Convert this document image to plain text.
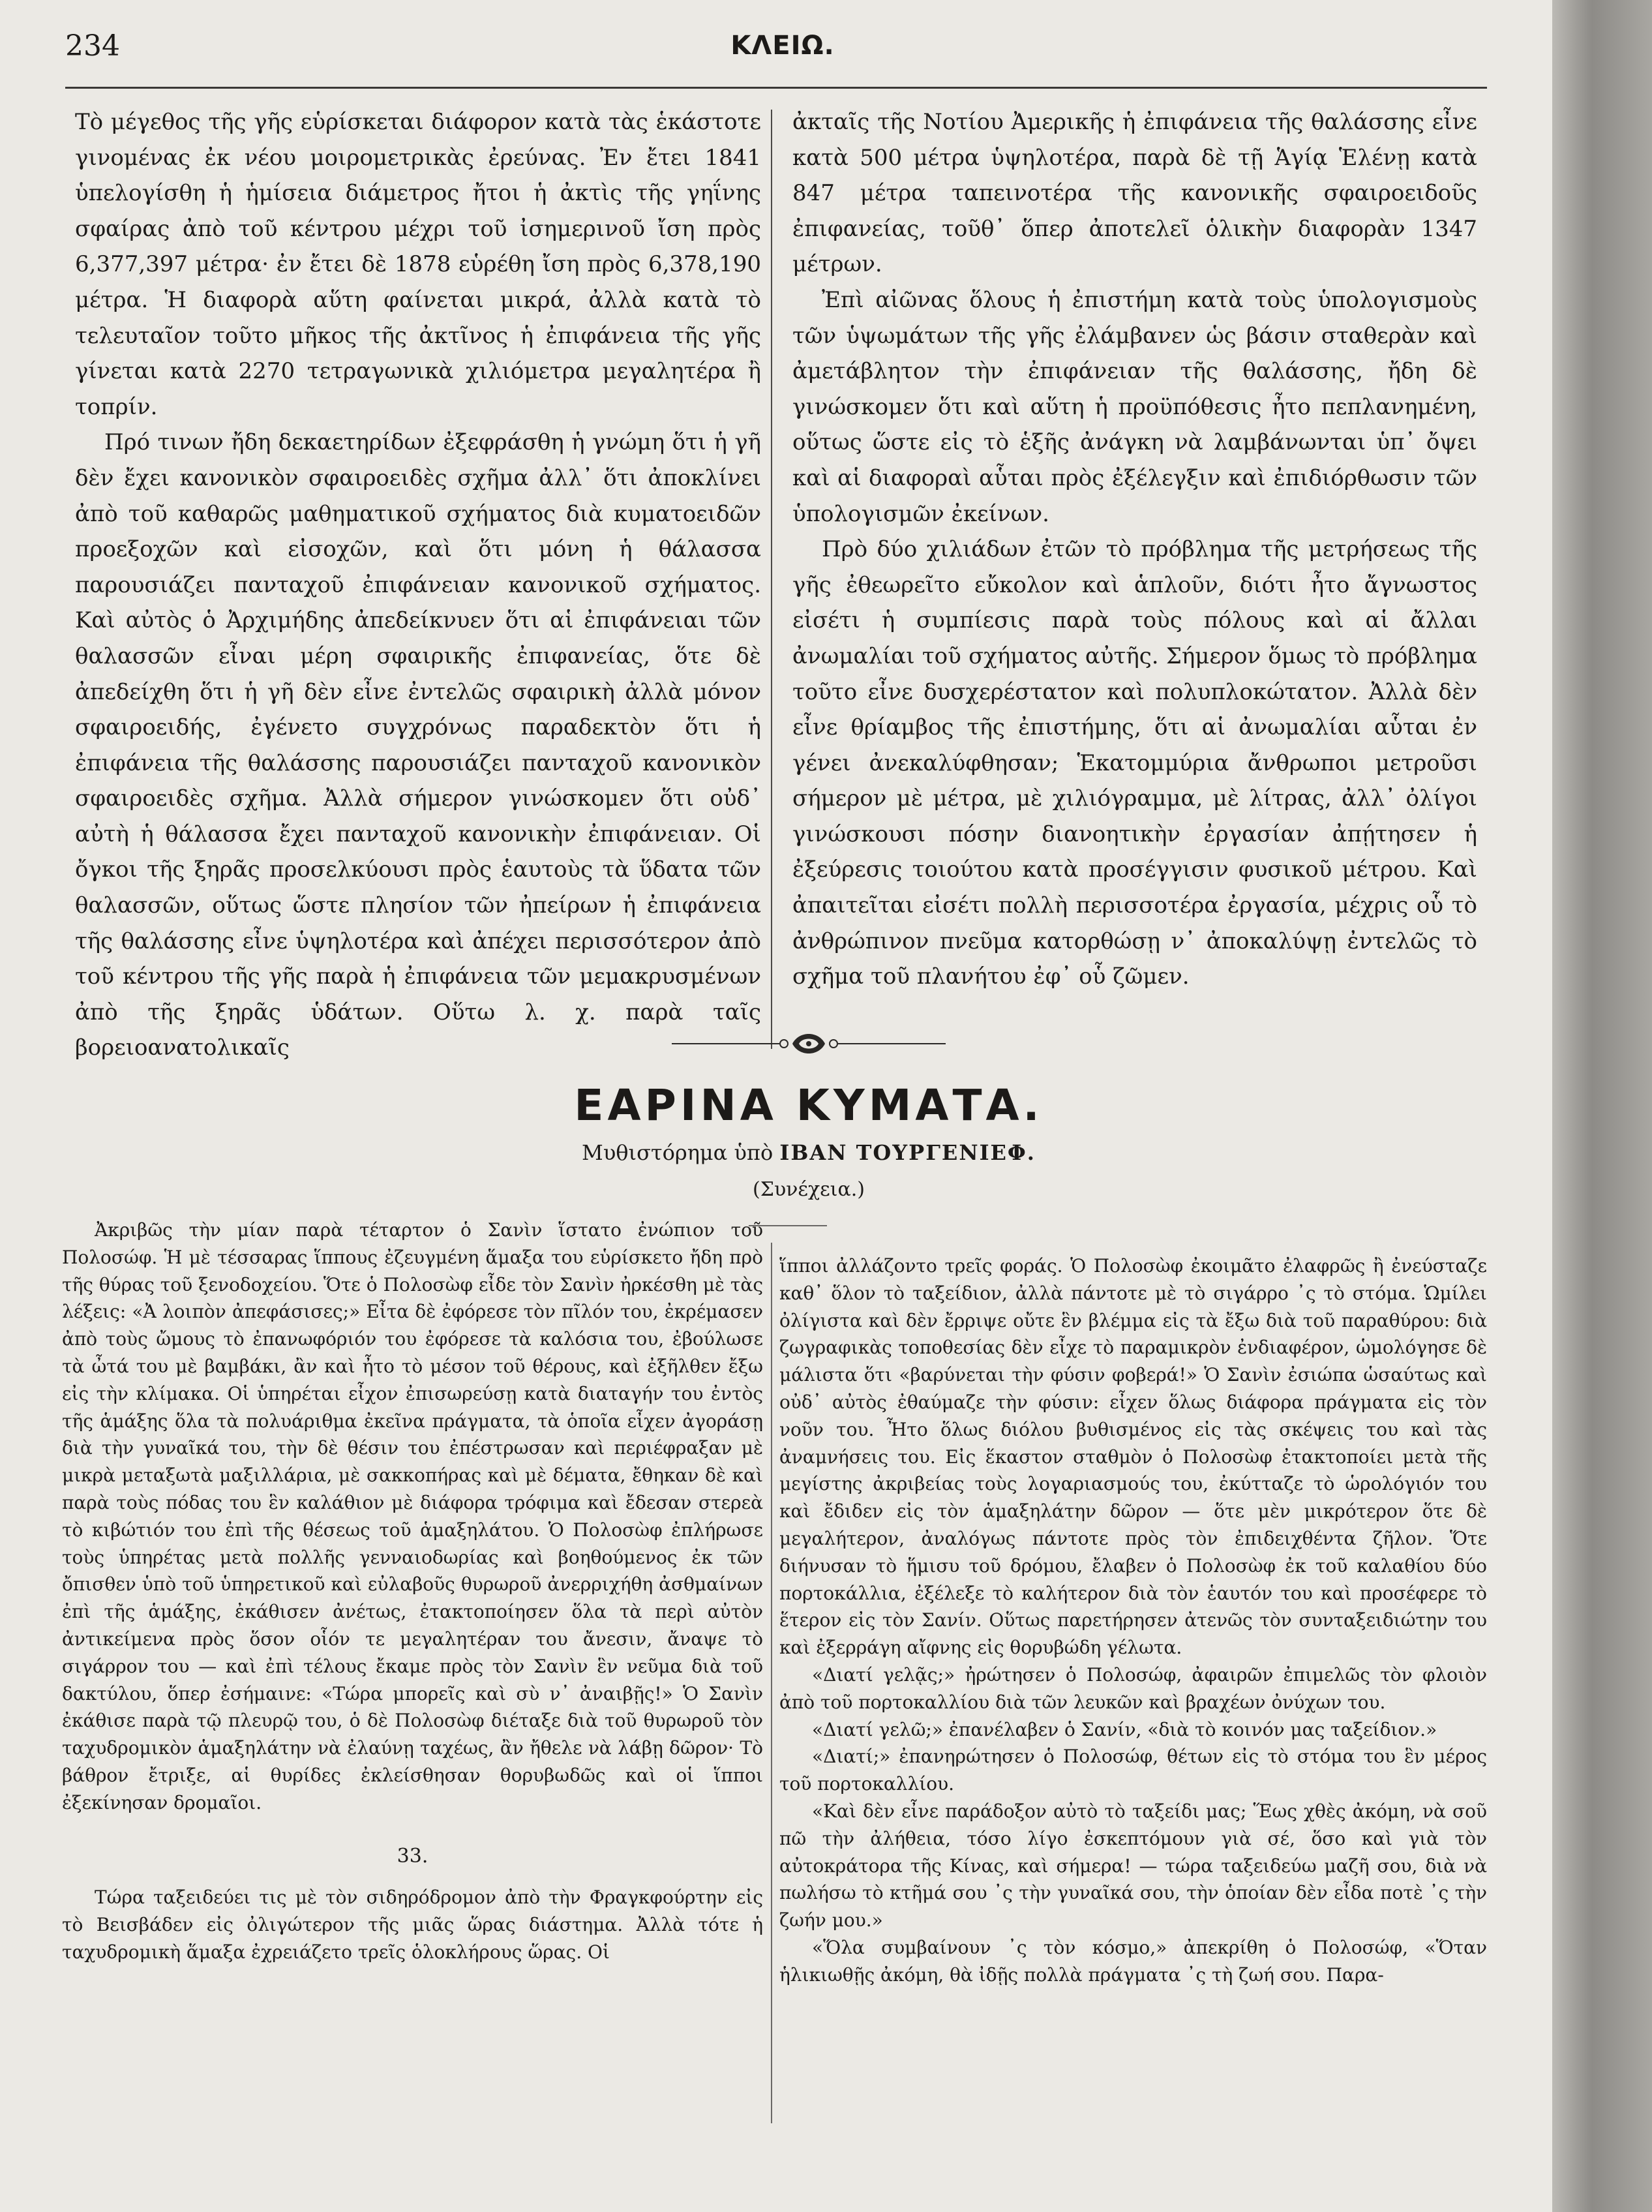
234	ΚΛΕΙΩ.

Τὸ μέγεθος τῆς γῆς εὑρίσκεται διάφορον κατὰ τὰς ἑκάστοτε γινομένας ἐκ νέου μοιρομετρικὰς ἐρεύνας. Ἐν ἔτει 1841 ὑπελογίσθη ἡ ἡμίσεια διάμετρος ἤτοι ἡ ἀκτὶς τῆς γηΐνης σφαίρας ἀπὸ τοῦ κέντρου μέχρι τοῦ ἰσημερινοῦ ἴση πρὸς 6,377,397 μέτρα· ἐν ἔτει δὲ 1878 εὑρέθη ἴση πρὸς 6,378,190 μέτρα. Ἡ διαφορὰ αὕτη φαίνεται μικρά, ἀλλὰ κατὰ τὸ τελευταῖον τοῦτο μῆκος τῆς ἀκτῖνος ἡ ἐπιφάνεια τῆς γῆς γίνεται κατὰ 2270 τετραγωνικὰ χιλιόμετρα μεγαλητέρα ἢ τοπρίν.

Πρό τινων ἤδη δεκαετηρίδων ἐξεφράσθη ἡ γνώμη ὅτι ἡ γῆ δὲν ἔχει κανονικὸν σφαιροειδὲς σχῆμα ἀλλ᾽ ὅτι ἀποκλίνει ἀπὸ τοῦ καθαρῶς μαθηματικοῦ σχήματος διὰ κυματοειδῶν προεξοχῶν καὶ εἰσοχῶν, καὶ ὅτι μόνη ἡ θάλασσα παρουσιάζει πανταχοῦ ἐπιφάνειαν κανονικοῦ σχήματος. Καὶ αὐτὸς ὁ Ἀρχιμήδης ἀπεδείκνυεν ὅτι αἱ ἐπιφάνειαι τῶν θαλασσῶν εἶναι μέρη σφαιρικῆς ἐπιφανείας, ὅτε δὲ ἀπεδείχθη ὅτι ἡ γῆ δὲν εἶνε ἐντελῶς σφαιρικὴ ἀλλὰ μόνον σφαιροειδής, ἐγένετο συγχρόνως παραδεκτὸν ὅτι ἡ ἐπιφάνεια τῆς θαλάσσης παρουσιάζει πανταχοῦ κανονικὸν σφαιροειδὲς σχῆμα. Ἀλλὰ σήμερον γινώσκομεν ὅτι οὐδ᾽ αὐτὴ ἡ θάλασσα ἔχει πανταχοῦ κανονικὴν ἐπιφάνειαν. Οἱ ὄγκοι τῆς ξηρᾶς προσελκύουσι πρὸς ἑαυτοὺς τὰ ὕδατα τῶν θαλασσῶν, οὕτως ὥστε πλησίον τῶν ἠπείρων ἡ ἐπιφάνεια τῆς θαλάσσης εἶνε ὑψηλοτέρα καὶ ἀπέχει περισσότερον ἀπὸ τοῦ κέντρου τῆς γῆς παρὰ ἡ ἐπιφάνεια τῶν μεμακρυσμένων ἀπὸ τῆς ξηρᾶς ὑδάτων. Οὕτω λ. χ. παρὰ ταῖς βορειοανατολικαῖς

ἀκταῖς τῆς Νοτίου Ἀμερικῆς ἡ ἐπιφάνεια τῆς θαλάσσης εἶνε κατὰ 500 μέτρα ὑψηλοτέρα, παρὰ δὲ τῇ Ἁγίᾳ Ἑλένῃ κατὰ 847 μέτρα ταπεινοτέρα τῆς κανονικῆς σφαιροειδοῦς ἐπιφανείας, τοῦθ᾽ ὅπερ ἀποτελεῖ ὁλικὴν διαφορὰν 1347 μέτρων.

Ἐπὶ αἰῶνας ὅλους ἡ ἐπιστήμη κατὰ τοὺς ὑπολογισμοὺς τῶν ὑψωμάτων τῆς γῆς ἐλάμβανεν ὡς βάσιν σταθερὰν καὶ ἀμετάβλητον τὴν ἐπιφάνειαν τῆς θαλάσσης, ἤδη δὲ γινώσκομεν ὅτι καὶ αὕτη ἡ προϋπόθεσις ἦτο πεπλανημένη, οὕτως ὥστε εἰς τὸ ἑξῆς ἀνάγκη νὰ λαμβάνωνται ὑπ᾽ ὄψει καὶ αἱ διαφοραὶ αὗται πρὸς ἐξέλεγξιν καὶ ἐπιδιόρθωσιν τῶν ὑπολογισμῶν ἐκείνων.

Πρὸ δύο χιλιάδων ἐτῶν τὸ πρόβλημα τῆς μετρήσεως τῆς γῆς ἐθεωρεῖτο εὔκολον καὶ ἁπλοῦν, διότι ἦτο ἄγνωστος εἰσέτι ἡ συμπίεσις παρὰ τοὺς πόλους καὶ αἱ ἄλλαι ἀνωμαλίαι τοῦ σχήματος αὐτῆς. Σήμερον ὅμως τὸ πρόβλημα τοῦτο εἶνε δυσχερέστατον καὶ πολυπλοκώτατον. Ἀλλὰ δὲν εἶνε θρίαμβος τῆς ἐπιστήμης, ὅτι αἱ ἀνωμαλίαι αὗται ἐν γένει ἀνεκαλύφθησαν; Ἑκατομμύρια ἄνθρωποι μετροῦσι σήμερον μὲ μέτρα, μὲ χιλιόγραμμα, μὲ λίτρας, ἀλλ᾽ ὀλίγοι γινώσκουσι πόσην διανοητικὴν ἐργασίαν ἀπῄτησεν ἡ ἐξεύρεσις τοιούτου κατὰ προσέγγισιν φυσικοῦ μέτρου. Καὶ ἀπαιτεῖται εἰσέτι πολλὴ περισσοτέρα ἐργασία, μέχρις οὗ τὸ ἀνθρώπινον πνεῦμα κατορθώσῃ ν᾽ ἀποκαλύψῃ ἐντελῶς τὸ σχῆμα τοῦ πλανήτου ἐφ᾽ οὗ ζῶμεν.

ΕΑΡΙΝΑ ΚΥΜΑΤΑ.
Μυθιστόρημα ὑπὸ ΙΒΑΝ ΤΟΥΡΓΕΝΙΕΦ.
(Συνέχεια.)

Ἀκριβῶς τὴν μίαν παρὰ τέταρτον ὁ Σανὶν ἵστατο ἐνώπιον τοῦ Πολοσώφ. Ἡ μὲ τέσσαρας ἵππους ἐζευγμένη ἅμαξα του εὑρίσκετο ἤδη πρὸ τῆς θύρας τοῦ ξενοδοχείου. Ὅτε ὁ Πολοσὼφ εἶδε τὸν Σανὶν ἠρκέσθη μὲ τὰς λέξεις: «Ἀ λοιπὸν ἀπεφάσισες;» Εἶτα δὲ ἐφόρεσε τὸν πῖλόν του, ἐκρέμασεν ἀπὸ τοὺς ὤμους τὸ ἐπανωφόριόν του ἐφόρεσε τὰ καλόσια του, ἐβούλωσε τὰ ὦτά του μὲ βαμβάκι, ἂν καὶ ἦτο τὸ μέσον τοῦ θέρους, καὶ ἐξῆλθεν ἔξω εἰς τὴν κλίμακα. Οἱ ὑπηρέται εἶχον ἐπισωρεύσῃ κατὰ διαταγήν του ἐντὸς τῆς ἁμάξης ὅλα τὰ πολυάριθμα ἐκεῖνα πράγματα, τὰ ὁποῖα εἶχεν ἀγοράσῃ διὰ τὴν γυναῖκά του, τὴν δὲ θέσιν του ἐπέστρωσαν καὶ περιέφραξαν μὲ μικρὰ μεταξωτὰ μαξιλλάρια, μὲ σακκοπήρας καὶ μὲ δέματα, ἔθηκαν δὲ καὶ παρὰ τοὺς πόδας του ἓν καλάθιον μὲ διάφορα τρόφιμα καὶ ἔδεσαν στερεὰ τὸ κιβώτιόν του ἐπὶ τῆς θέσεως τοῦ ἁμαξηλάτου. Ὁ Πολοσὼφ ἐπλήρωσε τοὺς ὑπηρέτας μετὰ πολλῆς γενναιοδωρίας καὶ βοηθούμενος ἐκ τῶν ὄπισθεν ὑπὸ τοῦ ὑπηρετικοῦ καὶ εὐλαβοῦς θυρωροῦ ἀνερριχήθη ἀσθμαίνων ἐπὶ τῆς ἁμάξης, ἐκάθισεν ἀνέτως, ἐτακτοποίησεν ὅλα τὰ περὶ αὐτὸν ἀντικείμενα πρὸς ὅσον οἷόν τε μεγαλητέραν του ἄνεσιν, ἄναψε τὸ σιγάρρον του — καὶ ἐπὶ τέλους ἔκαμε πρὸς τὸν Σανὶν ἓν νεῦμα διὰ τοῦ δακτύλου, ὅπερ ἐσήμαινε: «Τώρα μπορεῖς καὶ σὺ ν᾽ ἀναιβῇς!» Ὁ Σανὶν ἐκάθισε παρὰ τῷ πλευρῷ του, ὁ δὲ Πολοσὼφ διέταξε διὰ τοῦ θυρωροῦ τὸν ταχυδρομικὸν ἁμαξηλάτην νὰ ἐλαύνῃ ταχέως, ἂν ἤθελε νὰ λάβῃ δῶρον· Τὸ βάθρον ἔτριξε, αἱ θυρίδες ἐκλείσθησαν θορυβωδῶς καὶ οἱ ἵπποι ἐξεκίνησαν δρομαῖοι.

33.

Τώρα ταξειδεύει τις μὲ τὸν σιδηρόδρομον ἀπὸ τὴν Φραγκφούρτην εἰς τὸ Βεισβάδεν εἰς ὀλιγώτερον τῆς μιᾶς ὥρας διάστημα. Ἀλλὰ τότε ἡ ταχυδρομικὴ ἅμαξα ἐχρειάζετο τρεῖς ὁλοκλήρους ὥρας. Οἱ

ἵπποι ἀλλάζοντο τρεῖς φοράς. Ὁ Πολοσὼφ ἐκοιμᾶτο ἐλαφρῶς ἢ ἐνεύσταζε καθ᾽ ὅλον τὸ ταξείδιον, ἀλλὰ πάντοτε μὲ τὸ σιγάρρο ᾽ς τὸ στόμα. Ὡμίλει ὀλίγιστα καὶ δὲν ἔρριψε οὔτε ἓν βλέμμα εἰς τὰ ἔξω διὰ τοῦ παραθύρου: διὰ ζωγραφικὰς τοποθεσίας δὲν εἶχε τὸ παραμικρὸν ἐνδιαφέρον, ὡμολόγησε δὲ μάλιστα ὅτι «βαρύνεται τὴν φύσιν φοβερά!» Ὁ Σανὶν ἐσιώπα ὡσαύτως καὶ οὐδ᾽ αὐτὸς ἐθαύμαζε τὴν φύσιν: εἶχεν ὅλως διάφορα πράγματα εἰς τὸν νοῦν του. Ἦτο ὅλως διόλου βυθισμένος εἰς τὰς σκέψεις του καὶ τὰς ἀναμνήσεις του. Εἰς ἕκαστον σταθμὸν ὁ Πολοσὼφ ἐτακτοποίει μετὰ τῆς μεγίστης ἀκριβείας τοὺς λογαριασμούς του, ἐκύτταζε τὸ ὡρολόγιόν του καὶ ἔδιδεν εἰς τὸν ἁμαξηλάτην δῶρον — ὅτε μὲν μικρότερον ὅτε δὲ μεγαλήτερον, ἀναλόγως πάντοτε πρὸς τὸν ἐπιδειχθέντα ζῆλον. Ὅτε διήνυσαν τὸ ἥμισυ τοῦ δρόμου, ἔλαβεν ὁ Πολοσὼφ ἐκ τοῦ καλαθίου δύο πορτοκάλλια, ἐξέλεξε τὸ καλήτερον διὰ τὸν ἑαυτόν του καὶ προσέφερε τὸ ἕτερον εἰς τὸν Σανίν. Οὕτως παρετήρησεν ἀτενῶς τὸν συνταξειδιώτην του καὶ ἐξερράγη αἴφνης εἰς θορυβώδη γέλωτα.

«Διατί γελᾷς;» ἠρώτησεν ὁ Πολοσώφ, ἀφαιρῶν ἐπιμελῶς τὸν φλοιὸν ἀπὸ τοῦ πορτοκαλλίου διὰ τῶν λευκῶν καὶ βραχέων ὀνύχων του.

«Διατί γελῶ;» ἐπανέλαβεν ὁ Σανίν, «διὰ τὸ κοινόν μας ταξείδιον.»

«Διατί;» ἐπανηρώτησεν ὁ Πολοσώφ, θέτων εἰς τὸ στόμα του ἓν μέρος τοῦ πορτοκαλλίου.

«Καὶ δὲν εἶνε παράδοξον αὐτὸ τὸ ταξείδι μας; Ἕως χθὲς ἀκόμη, νὰ σοῦ πῶ τὴν ἀλήθεια, τόσο λίγο ἐσκεπτόμουν γιὰ σέ, ὅσο καὶ γιὰ τὸν αὐτοκράτορα τῆς Κίνας, καὶ σήμερα! — τώρα ταξειδεύω μαζῆ σου, διὰ νὰ πωλήσω τὸ κτῆμά σου ᾽ς τὴν γυναῖκά σου, τὴν ὁποίαν δὲν εἶδα ποτὲ ᾽ς τὴν ζωήν μου.»

«Ὅλα συμβαίνουν ᾽ς τὸν κόσμο,» ἀπεκρίθη ὁ Πολοσώφ, «Ὅταν ἡλικιωθῇς ἀκόμη, θὰ ἰδῇς πολλὰ πράγματα ᾽ς τὴ ζωή σου. Παρα-
